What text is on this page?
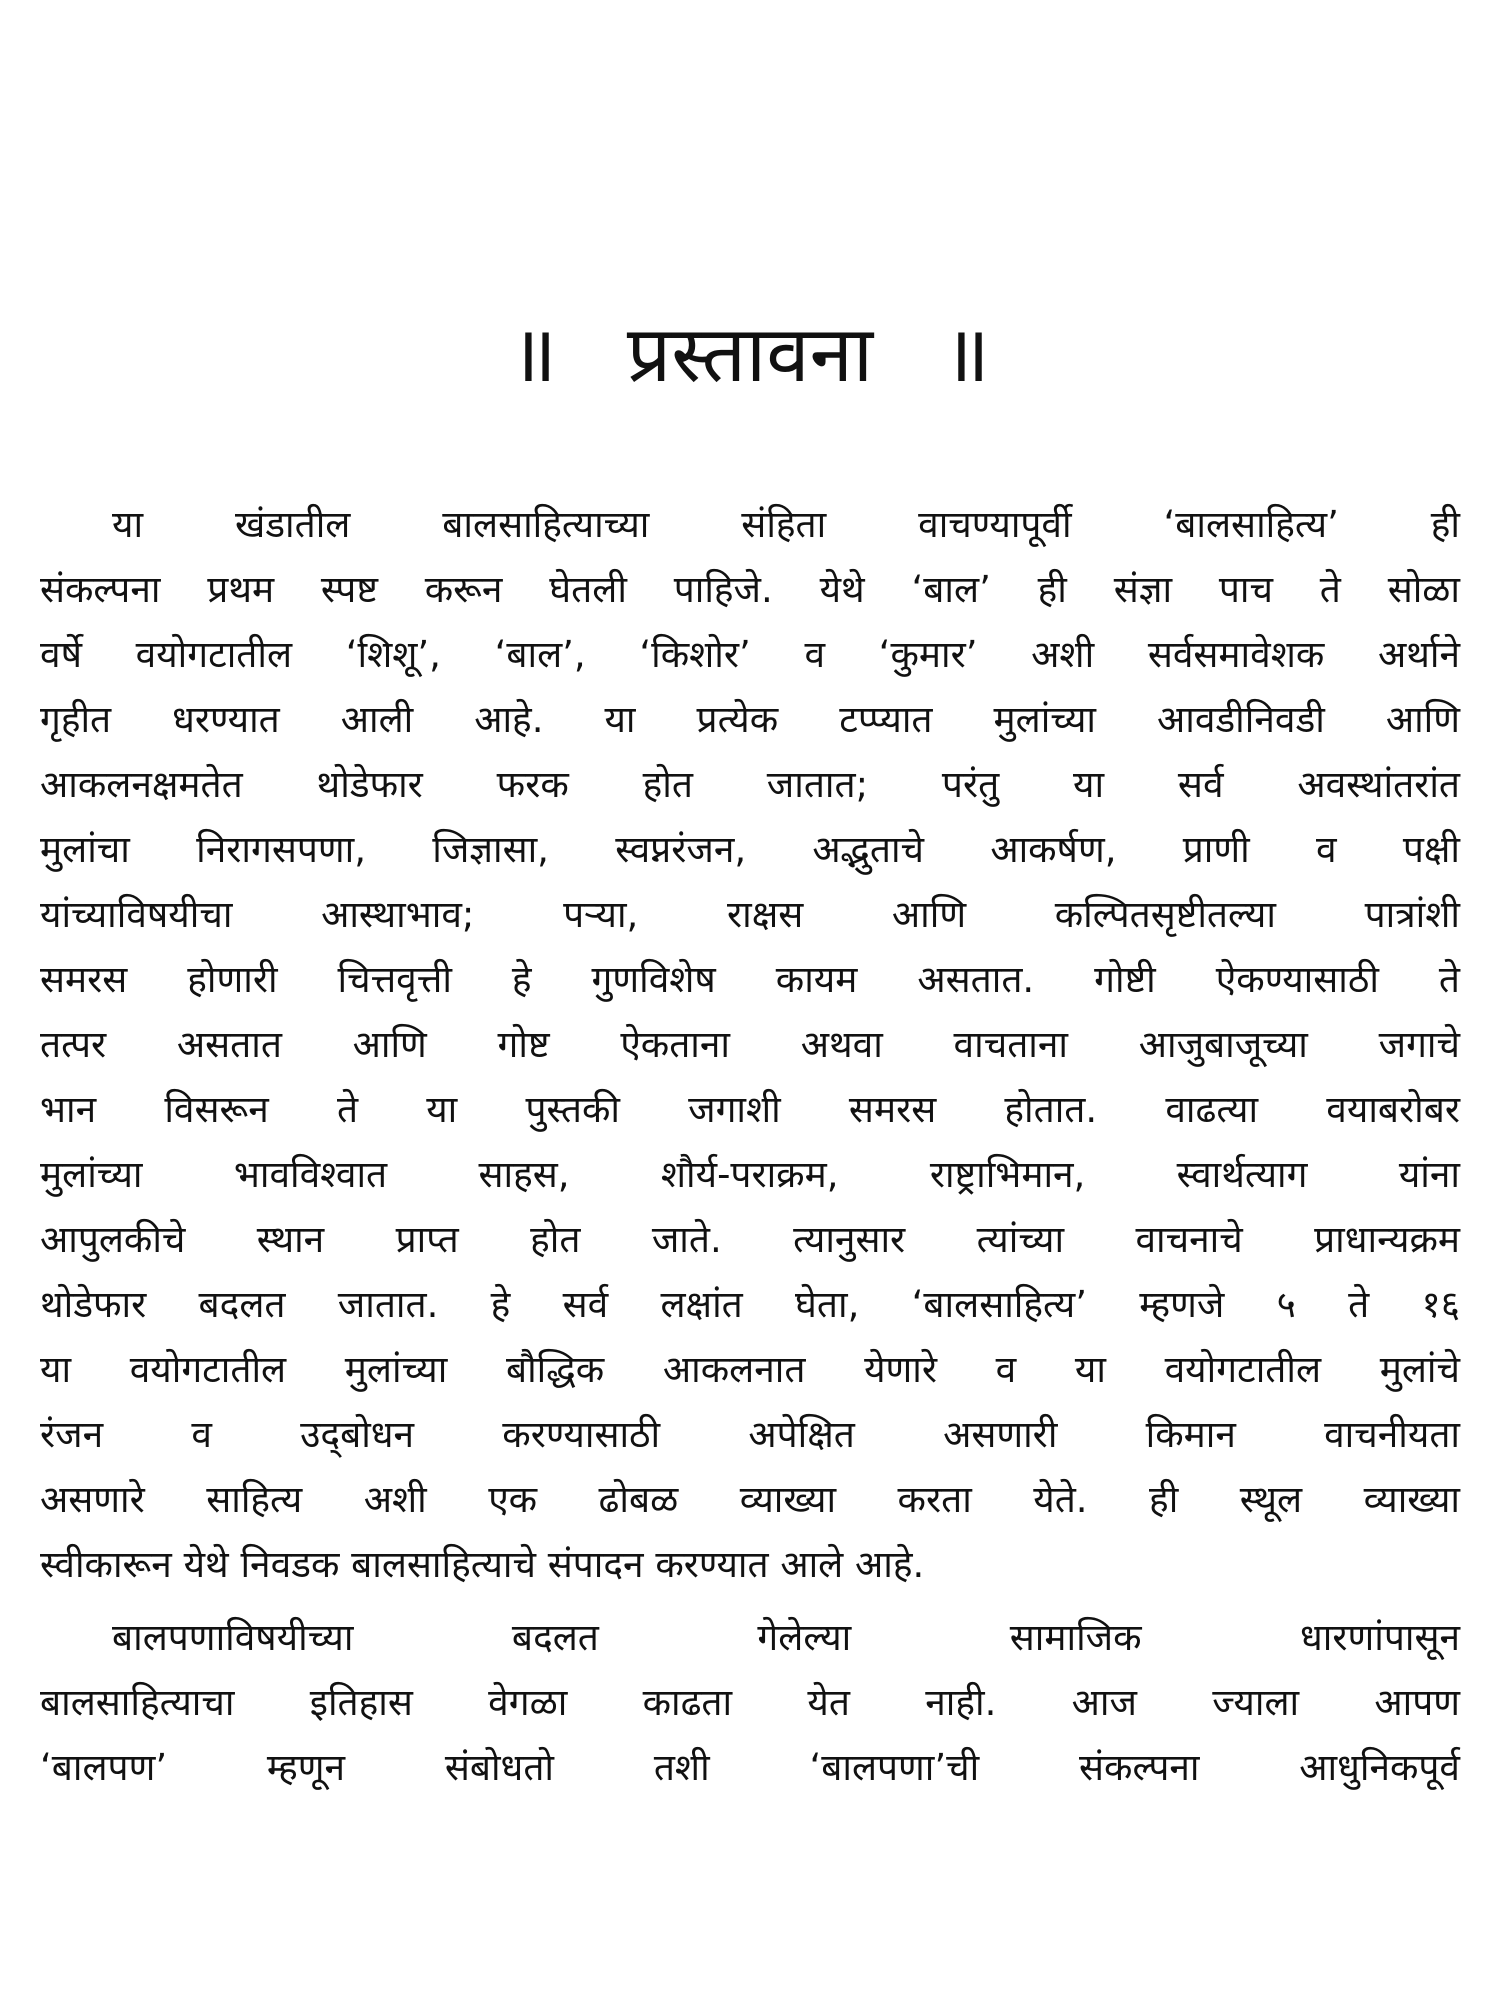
॥ प्रस्तावना ॥
या खंडातील बालसाहित्याच्या संहिता वाचण्यापूर्वी ‘बालसाहित्य’ ही
संकल्पना प्रथम स्पष्ट करून घेतली पाहिजे. येथे ‘बाल’ ही संज्ञा पाच ते सोळा
वर्षे वयोगटातील ‘शिशू’, ‘बाल’, ‘किशोर’ व ‘कुमार’ अशी सर्वसमावेशक अर्थाने
गृहीत धरण्यात आली आहे. या प्रत्येक टप्प्यात मुलांच्या आवडीनिवडी आणि
आकलनक्षमतेत थोडेफार फरक होत जातात; परंतु या सर्व अवस्थांतरांत
मुलांचा निरागसपणा, जिज्ञासा, स्वप्नरंजन, अद्भुताचे आकर्षण, प्राणी व पक्षी
यांच्याविषयीचा आस्थाभाव; पऱ्या, राक्षस आणि कल्पितसृष्टीतल्या पात्रांशी
समरस होणारी चित्तवृत्ती हे गुणविशेष कायम असतात. गोष्टी ऐकण्यासाठी ते
तत्पर असतात आणि गोष्ट ऐकताना अथवा वाचताना आजुबाजूच्या जगाचे
भान विसरून ते या पुस्तकी जगाशी समरस होतात. वाढत्या वयाबरोबर
मुलांच्या भावविश्वात साहस, शौर्य-पराक्रम, राष्ट्राभिमान, स्वार्थत्याग यांना
आपुलकीचे स्थान प्राप्त होत जाते. त्यानुसार त्यांच्या वाचनाचे प्राधान्यक्रम
थोडेफार बदलत जातात. हे सर्व लक्षांत घेता, ‘बालसाहित्य’ म्हणजे ५ ते १६
या वयोगटातील मुलांच्या बौद्धिक आकलनात येणारे व या वयोगटातील मुलांचे
रंजन व उद्‌बोधन करण्यासाठी अपेक्षित असणारी किमान वाचनीयता
असणारे साहित्य अशी एक ढोबळ व्याख्या करता येते. ही स्थूल व्याख्या
स्वीकारून येथे निवडक बालसाहित्याचे संपादन करण्यात आले आहे.
बालपणाविषयीच्या बदलत गेलेल्या सामाजिक धारणांपासून
बालसाहित्याचा इतिहास वेगळा काढता येत नाही. आज ज्याला आपण
‘बालपण’ म्हणून संबोधतो तशी ‘बालपणा’ची संकल्पना आधुनिकपूर्व
